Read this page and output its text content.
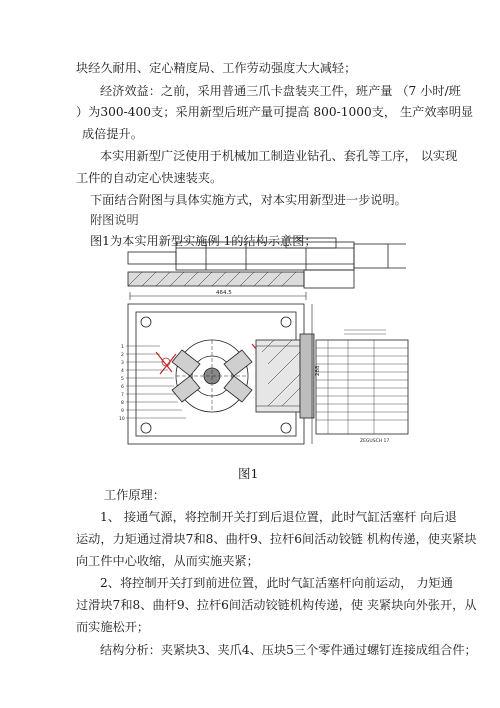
块经久耐用、定心精度局、工作劳动强度大大减轻；
经济效益：之前，采用普通三爪卡盘装夹工件，班产量 （7 小时/班
）为300-400支；采用新型后班产量可提高 800-1000支， 生产效率明显
成倍提升。
本实用新型广泛使用于机械加工制造业钻孔、套孔等工序， 以实现
工件的自动定心快速装夹。
下面结合附图与具体实施方式，对本实用新型进一步说明。
附图说明
图1为本实用新型实施例 1的结构示意图；
464.5
288
1
2
3
4
5
6
7
8
9
10
ZEGUSCH 17
图1
工作原理：
1、 接通气源，将控制开关打到后退位置，此时气缸活塞杆 向后退
运动，力矩通过滑块7和8、曲杆9、拉杆6间活动铰链 机构传递，使夹紧块
向工件中心收缩，从而实施夹紧；
2、将控制开关打到前进位置，此时气缸活塞杆向前运动， 力矩通
过滑块7和8、曲杆9、拉杆6间活动铰链机构传递，使 夹紧块向外张开，从
而实施松开；
结构分析：夹紧块3、夹爪4、压块5三个零件通过螺钉连接成组合件；
